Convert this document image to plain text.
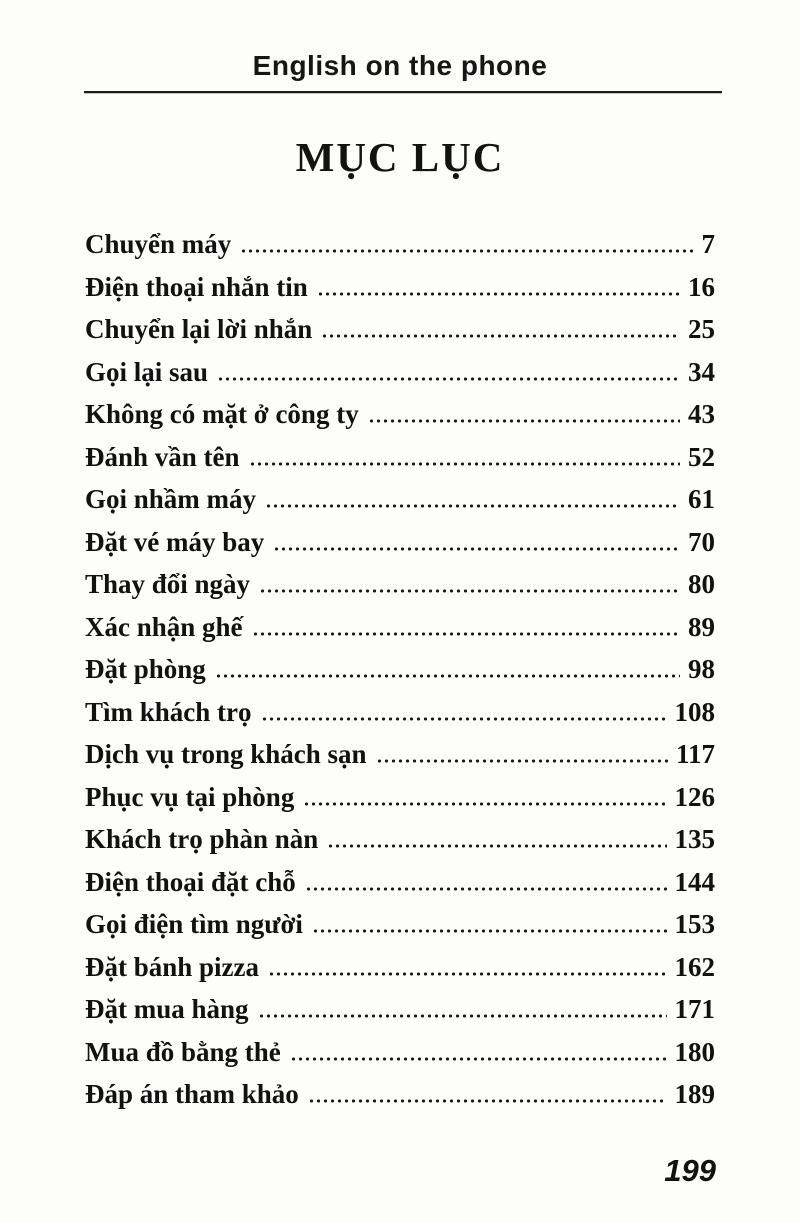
English on the phone
MỤC LỤC
Chuyển máy	7
Điện thoại nhắn tin	16
Chuyển lại lời nhắn	25
Gọi lại sau	34
Không có mặt ở công ty	43
Đánh vần tên	52
Gọi nhầm máy	61
Đặt vé máy bay	70
Thay đổi ngày	80
Xác nhận ghế	89
Đặt phòng	98
Tìm khách trọ	108
Dịch vụ trong khách sạn	117
Phục vụ tại phòng	126
Khách trọ phàn nàn	135
Điện thoại đặt chỗ	144
Gọi điện tìm người	153
Đặt bánh pizza	162
Đặt mua hàng	171
Mua đồ bằng thẻ	180
Đáp án tham khảo	189
199
